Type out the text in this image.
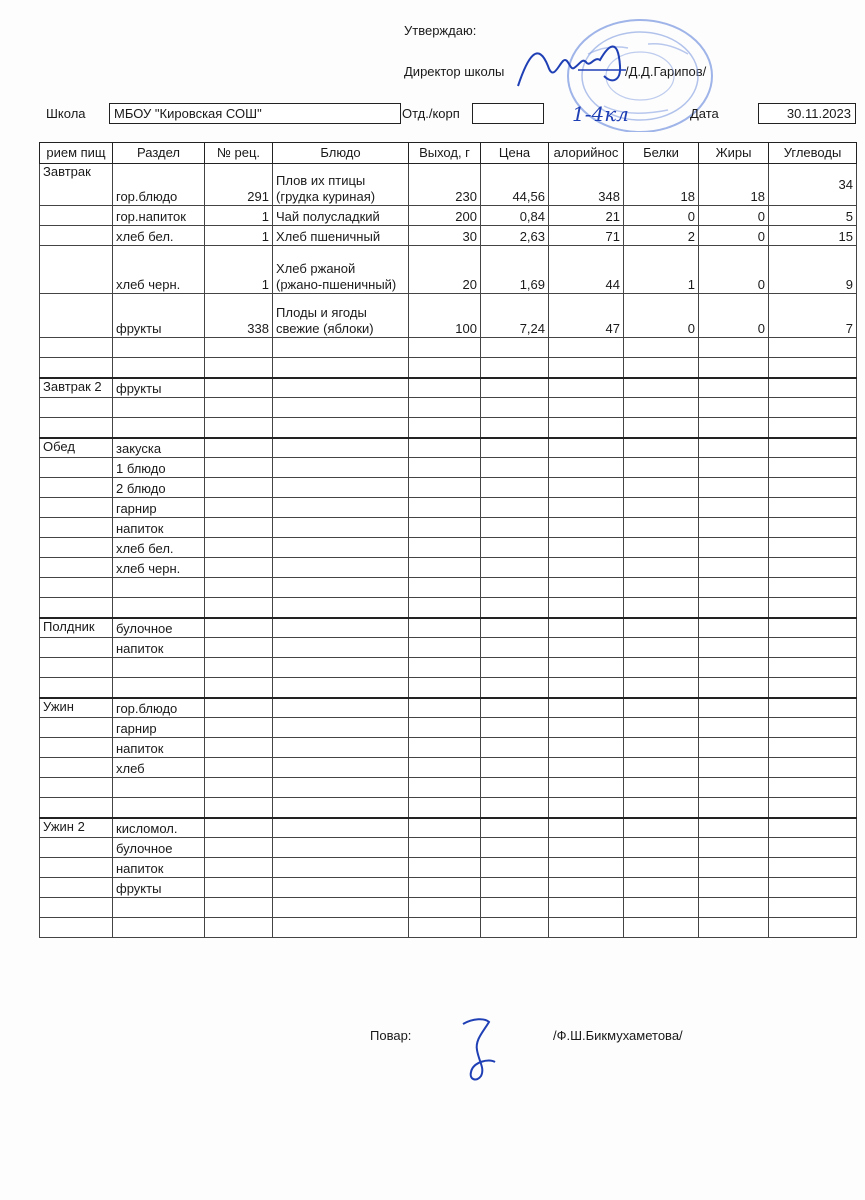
Утверждаю:
Директор школы	/Д.Д.Гарипов/
Школа	МБОУ "Кировская СОШ"	Отд./корп	1-4кл	Дата	30.11.2023
рием пищ	Раздел	№ рец.	Блюдо	Выход, г	Цена	алорийнос	Белки	Жиры	Углеводы
Завтрак	гор.блюдо	291	Плов их птицы (грудка куриная)	230	44,56	348	18	18	34
	гор.напиток	1	Чай полусладкий	200	0,84	21	0	0	5
	хлеб бел.	1	Хлеб пшеничный	30	2,63	71	2	0	15
	хлеб черн.	1	Хлеб ржаной (ржано-пшеничный)	20	1,69	44	1	0	9
	фрукты	338	Плоды и ягоды свежие (яблоки)	100	7,24	47	0	0	7

Завтрак 2	фрукты								

Обед	закуска								
	1 блюдо								
	2 блюдо								
	гарнир								
	напиток								
	хлеб бел.								
	хлеб черн.								

Полдник	булочное								
	напиток								

Ужин	гор.блюдо								
	гарнир								
	напиток								
	хлеб								

Ужин 2	кисломол.								
	булочное								
	напиток								
	фрукты								

Повар:	/Ф.Ш.Бикмухаметова/
